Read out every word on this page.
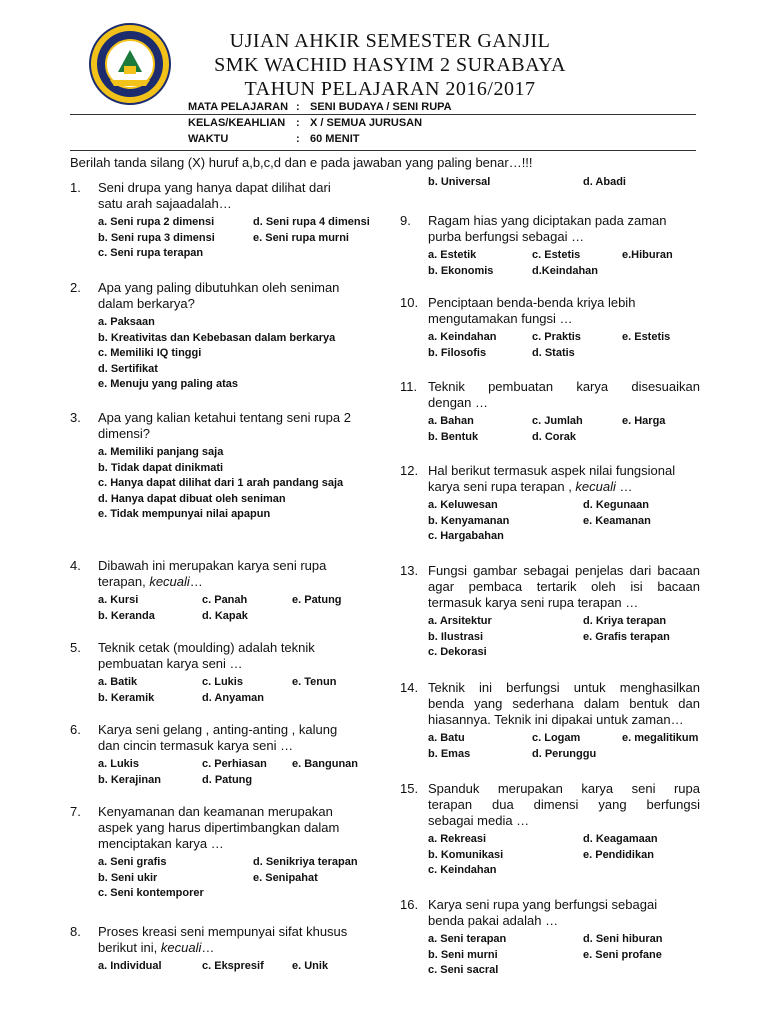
UJIAN AHKIR SEMESTER GANJIL
SMK WACHID HASYIM 2 SURABAYA
TAHUN PELAJARAN 2016/2017
MATA PELAJARAN : SENI BUDAYA / SENI RUPA
KELAS/KEAHLIAN : X / SEMUA JURUSAN
WAKTU	: 60 MENIT
Berilah tanda silang (X) huruf a,b,c,d dan e pada jawaban yang paling benar…!!!
1.	Seni drupa yang hanya dapat dilihat dari
satu arah sajaadalah…
a. Seni rupa 2 dimensi	d. Seni rupa 4 dimensi
b. Seni rupa 3 dimensi	e. Seni rupa murni
c. Seni rupa terapan
2.	Apa yang paling dibutuhkan oleh seniman
dalam berkarya?
a. Paksaan
b. Kreativitas dan Kebebasan dalam berkarya
c. Memiliki IQ tinggi
d. Sertifikat
e. Menuju yang paling atas
3.	Apa yang kalian ketahui tentang seni rupa 2
dimensi?
a. Memiliki panjang saja
b. Tidak dapat dinikmati
c. Hanya dapat dilihat dari 1 arah pandang saja
d. Hanya dapat dibuat oleh seniman
e. Tidak mempunyai nilai apapun
4.	Dibawah ini merupakan karya seni rupa
terapan, kecuali…
a. Kursi	c. Panah	e. Patung
b. Keranda	d. Kapak
5.	Teknik cetak (moulding) adalah teknik
pembuatan karya seni …
a. Batik	c. Lukis	e. Tenun
b. Keramik	d. Anyaman
6.	Karya seni gelang , anting-anting , kalung
dan cincin termasuk karya seni …
a. Lukis	c. Perhiasan	e. Bangunan
b. Kerajinan	d. Patung
7.	Kenyamanan dan keamanan merupakan
aspek yang harus dipertimbangkan dalam
menciptakan karya …
a. Seni grafis	d. Senikriya terapan
b. Seni ukir	e. Senipahat
c. Seni kontemporer
8.	Proses kreasi seni mempunyai sifat khusus
berikut ini, kecuali…
a. Individual	c. Ekspresif	e. Unik
b. Universal	d. Abadi
9.	Ragam hias yang diciptakan pada zaman
purba berfungsi sebagai …
a. Estetik	c. Estetis	e.Hiburan
b. Ekonomis	d.Keindahan
10. Penciptaan benda-benda kriya lebih
mengutamakan fungsi …
a. Keindahan	c. Praktis	e. Estetis
b. Filosofis	d. Statis
11. Teknik pembuatan karya disesuaikan
dengan …
a. Bahan	c. Jumlah	e. Harga
b. Bentuk	d. Corak
12. Hal berikut termasuk aspek nilai fungsional
karya seni rupa terapan , kecuali …
a. Keluwesan	d. Kegunaan
b. Kenyamanan	e. Keamanan
c. Hargabahan
13. Fungsi gambar sebagai penjelas dari bacaan
agar pembaca tertarik oleh isi bacaan
termasuk karya seni rupa terapan …
a. Arsitektur	d. Kriya terapan
b. Ilustrasi	e. Grafis terapan
c. Dekorasi
14. Teknik ini berfungsi untuk menghasilkan
benda yang sederhana dalam bentuk dan
hiasannya. Teknik ini dipakai untuk zaman…
a. Batu	c. Logam	e. megalitikum
b. Emas	d. Perunggu
15. Spanduk merupakan karya seni rupa
terapan dua dimensi yang berfungsi
sebagai media …
a. Rekreasi	d. Keagamaan
b. Komunikasi	e. Pendidikan
c. Keindahan
16. Karya seni rupa yang berfungsi sebagai
benda pakai adalah …
a. Seni terapan	d. Seni hiburan
b. Seni murni	e. Seni profane
c. Seni sacral
